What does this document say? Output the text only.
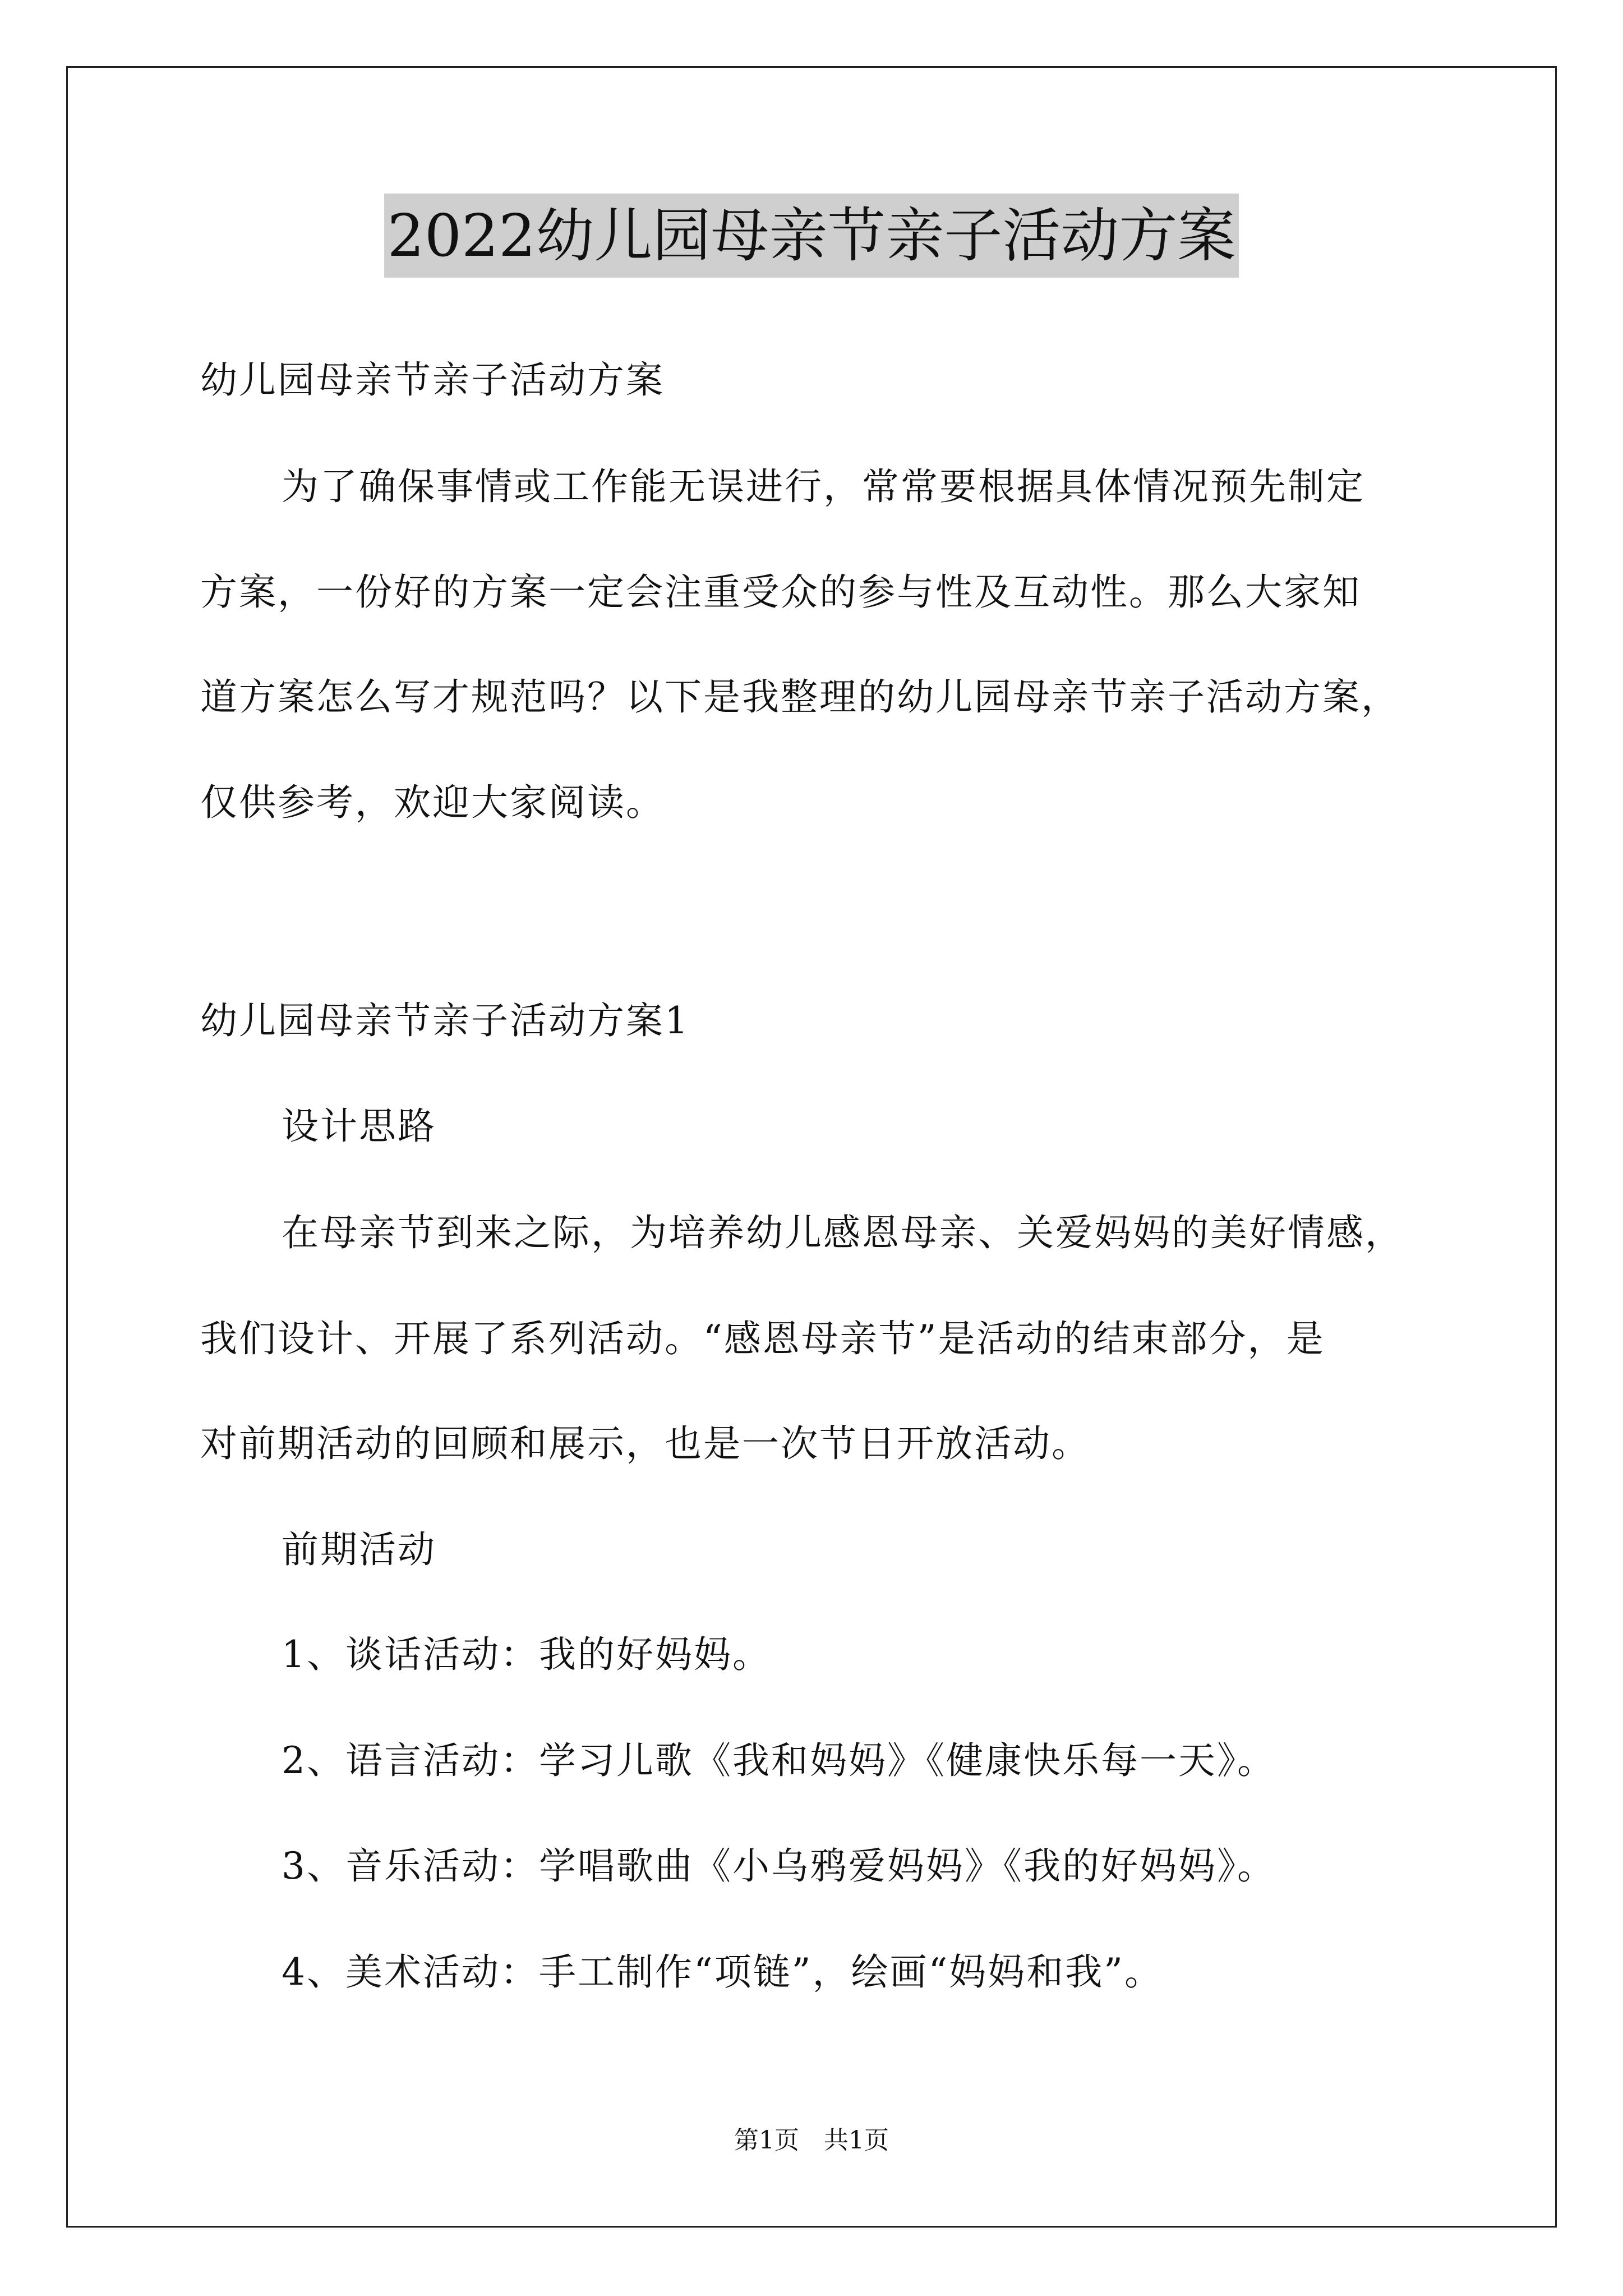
2022幼儿园母亲节亲子活动方案
幼儿园母亲节亲子活动方案
为了确保事情或工作能无误进行，常常要根据具体情况预先制定
方案，一份好的方案一定会注重受众的参与性及互动性。那么大家知
道方案怎么写才规范吗？以下是我整理的幼儿园母亲节亲子活动方案，
仅供参考，欢迎大家阅读。
幼儿园母亲节亲子活动方案1
设计思路
在母亲节到来之际，为培养幼儿感恩母亲、关爱妈妈的美好情感，
我们设计、开展了系列活动。“感恩母亲节”是活动的结束部分，是
对前期活动的回顾和展示，也是一次节日开放活动。
前期活动
1、谈话活动：我的好妈妈。
2、语言活动：学习儿歌《我和妈妈》《健康快乐每一天》。
3、音乐活动：学唱歌曲《小乌鸦爱妈妈》《我的好妈妈》。
4、美术活动：手工制作“项链”，绘画“妈妈和我”。
第1页　共1页
